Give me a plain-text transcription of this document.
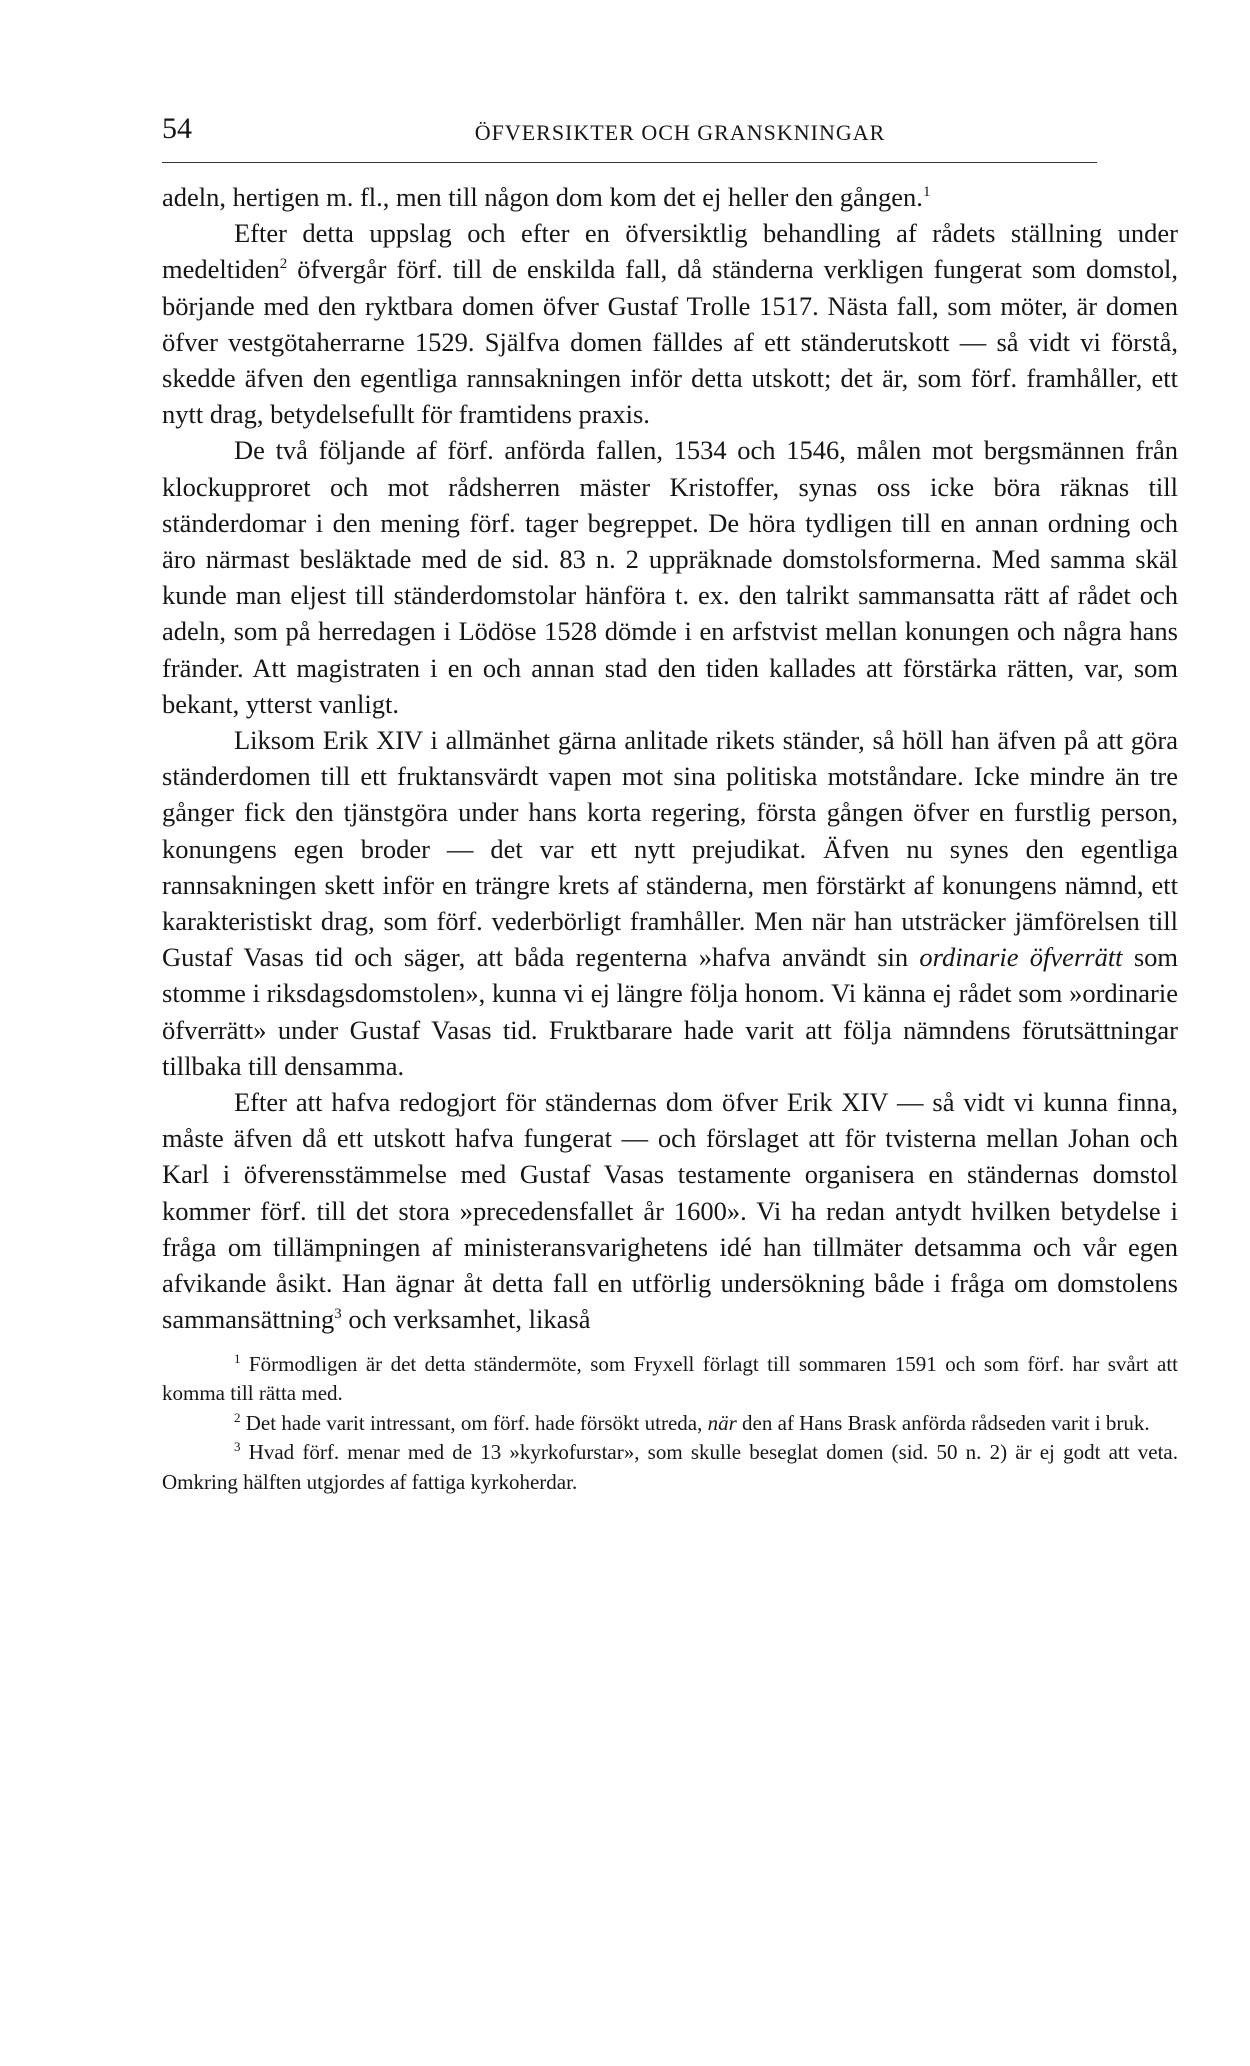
54	ÖFVERSIKTER OCH GRANSKNINGAR

adeln, hertigen m. fl., men till någon dom kom det ej heller den gången.$^1$

Efter detta uppslag och efter en öfversiktlig behandling af rådets ställning under medeltiden$^2$ öfvergår förf. till de enskilda fall, då ständerna verkligen fungerat som domstol, börjande med den ryktbara domen öfver Gustaf Trolle 1517. Nästa fall, som möter, är domen öfver vestgötaherrarne 1529. Själfva domen fälldes af ett ständerutskott — så vidt vi förstå, skedde äfven den egentliga rannsakningen inför detta utskott; det är, som förf. framhåller, ett nytt drag, betydelsefullt för framtidens praxis.

De två följande af förf. anförda fallen, 1534 och 1546, målen mot bergsmännen från klockupproret och mot rådsherren mäster Kristoffer, synas oss icke böra räknas till ständerdomar i den mening förf. tager begreppet. De höra tydligen till en annan ordning och äro närmast besläktade med de sid. 83 n. 2 uppräknade domstolsformerna. Med samma skäl kunde man eljest till ständerdomstolar hänföra t. ex. den talrikt sammansatta rätt af rådet och adeln, som på herredagen i Lödöse 1528 dömde i en arfstvist mellan konungen och några hans fränder. Att magistraten i en och annan stad den tiden kallades att förstärka rätten, var, som bekant, ytterst vanligt.

Liksom Erik XIV i allmänhet gärna anlitade rikets ständer, så höll han äfven på att göra ständerdomen till ett fruktansvärdt vapen mot sina politiska motståndare. Icke mindre än tre gånger fick den tjänstgöra under hans korta regering, första gången öfver en furstlig person, konungens egen broder — det var ett nytt prejudikat. Äfven nu synes den egentliga rannsakningen skett inför en trängre krets af ständerna, men förstärkt af konungens nämnd, ett karakteristiskt drag, som förf. vederbörligt framhåller. Men när han utsträcker jämförelsen till Gustaf Vasas tid och säger, att båda regenterna »hafva användt sin ordinarie öfverrätt som stomme i riksdagsdomstolen», kunna vi ej längre följa honom. Vi känna ej rådet som »ordinarie öfverrätt» under Gustaf Vasas tid. Fruktbarare hade varit att följa nämndens förutsättningar tillbaka till densamma.

Efter att hafva redogjort för ständernas dom öfver Erik XIV — så vidt vi kunna finna, måste äfven då ett utskott hafva fungerat — och förslaget att för tvisterna mellan Johan och Karl i öfverensstämmelse med Gustaf Vasas testamente organisera en ständernas domstol kommer förf. till det stora »precedensfallet år 1600». Vi ha redan antydt hvilken betydelse i fråga om tillämpningen af ministeransvarighetens idé han tillmäter detsamma och vår egen afvikande åsikt. Han ägnar åt detta fall en utförlig undersökning både i fråga om domstolens sammansättning$^3$ och verksamhet, likaså

$^1$ Förmodligen är det detta ständermöte, som Fryxell förlagt till sommaren 1591 och som förf. har svårt att komma till rätta med.

$^2$ Det hade varit intressant, om förf. hade försökt utreda, när den af Hans Brask anförda rådseden varit i bruk.

$^3$ Hvad förf. menar med de 13 »kyrkofurstar», som skulle beseglat domen (sid. 50 n. 2) är ej godt att veta. Omkring hälften utgjordes af fattiga kyrkoherdar.
